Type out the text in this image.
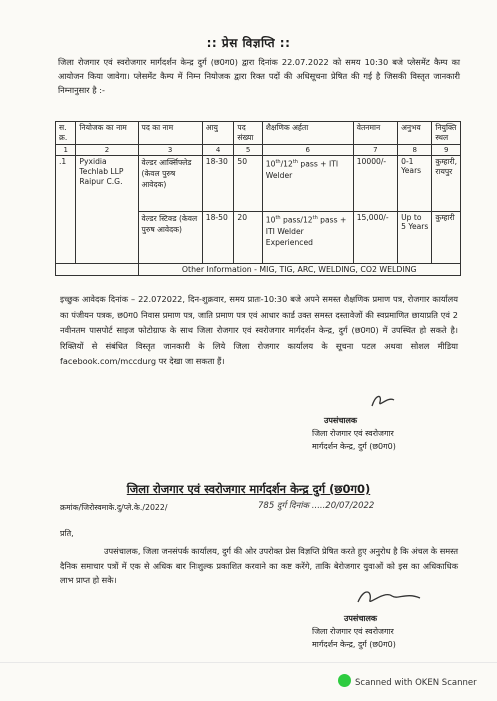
:: प्रेस विज्ञप्ति ::
जिला रोजगार एवं स्वरोजगार मार्गदर्शन केन्द्र दुर्ग (छ0ग0) द्वारा दिनांक 22.07.2022 को समय 10:30 बजे प्लेसमेंट कैम्प का आयोजन किया जावेगा। प्लेसमेंट कैम्प में निम्न नियोजक द्वारा रिक्त पदों की अधिसूचना प्रेषित की गई है जिसकी विस्तृत जानकारी निम्नानुसार है :-
स. क्र.	नियोजक का नाम	पद का नाम	आयु	पद संख्या	शैक्षणिक अर्हता	वेतनमान	अनुभव	नियुक्ति स्थल
1	2	3	4	5	6	7	8	9
.1	Pyxidia Techlab LLP Raipur C.G.	वेल्डर आर्क्स‍िफ्लेड (केवल पुरुष आवेदक)	18-30	50	10th/12th pass + ITI Welder	10000/-	0-1 Years	कुम्हारी, रायपुर
		वेल्डर स्टिक्ड (केवल पुरुष आवेदक)	18-50	20	10th pass/12th pass + ITI Welder Experienced	15,000/-	Up to 5 Years	कुम्हारी
		Other Information - MIG, TIG, ARC, WELDING, CO2 WELDING						
इच्छुक आवेदक दिनांक – 22.072022, दिन-शुक्रवार, समय प्रातः-10:30 बजे अपने समस्त शैक्षणिक प्रमाण पत्र, रोजगार कार्यालय का पंजीयन पत्रक, छ0ग0 निवास प्रमाण पत्र, जाति प्रमाण पत्र एवं आधार कार्ड उक्त समस्त दस्तावेजों की स्वप्रमाणित छायाप्रति एवं 2 नवीनतम पासपोर्ट साइज फोटोग्राफ के साथ जिला रोजगार एवं स्वरोजगार मार्गदर्शन केन्द्र, दुर्ग (छ0ग0) में उपस्थित हो सकते है। रिक्तियों से संबंधित विस्तृत जानकारी के लिये जिला रोजगार कार्यालय के सूचना पटल अथवा सोशल मीडिया facebook.com/mccdurg पर देखा जा सकता हैं।
उपसंचालक
जिला रोजगार एवं स्वरोजगार
मार्गदर्शन केन्द्र, दुर्ग (छ0ग0)
जिला रोजगार एवं स्वरोजगार मार्गदर्शन केन्द्र दुर्ग (छ0ग0)
क्रमांक/जिरोस्वमाके.दु/प्ले.के./2022/	785 दुर्ग दिनांक .....20/07/2022
प्रति,
उपसंचालक, जिला जनसंपर्क कार्यालय, दुर्ग की ओर उपरोक्त प्रेस विज्ञप्ति प्रेषित करते हुए अनुरोध है कि अंचल के समस्त दैनिक समाचार पत्रों में एक से अधिक बार निःशुल्क प्रकाशित करवाने का कष्ट करेंगे, ताकि बेरोजगार युवाओं को इस का अधिकाधिक लाभ प्राप्त हो सके।
उपसंचालक
जिला रोजगार एवं स्वरोजगार
मार्गदर्शन केन्द्र, दुर्ग (छ0ग0)
Scanned with OKEN Scanner
